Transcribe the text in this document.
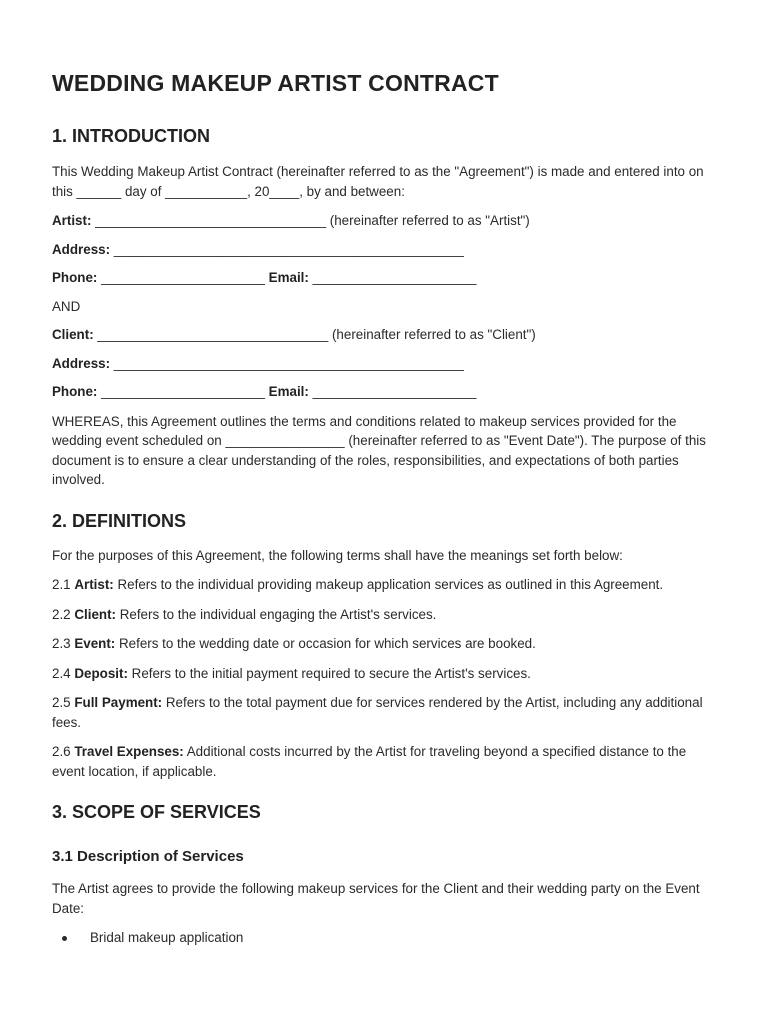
WEDDING MAKEUP ARTIST CONTRACT
1. INTRODUCTION

This Wedding Makeup Artist Contract (hereinafter referred to as the "Agreement") is made and entered into on this ______ day of ___________, 20____, by and between:

Artist: _______________________________ (hereinafter referred to as "Artist")

Address: _______________________________________________

Phone: ______________________ Email: ______________________

AND

Client: _______________________________ (hereinafter referred to as "Client")

Address: _______________________________________________

Phone: ______________________ Email: ______________________

WHEREAS, this Agreement outlines the terms and conditions related to makeup services provided for the wedding event scheduled on ________________ (hereinafter referred to as "Event Date"). The purpose of this document is to ensure a clear understanding of the roles, responsibilities, and expectations of both parties involved.

2. DEFINITIONS

For the purposes of this Agreement, the following terms shall have the meanings set forth below:

2.1 Artist: Refers to the individual providing makeup application services as outlined in this Agreement.

2.2 Client: Refers to the individual engaging the Artist's services.

2.3 Event: Refers to the wedding date or occasion for which services are booked.

2.4 Deposit: Refers to the initial payment required to secure the Artist's services.

2.5 Full Payment: Refers to the total payment due for services rendered by the Artist, including any additional fees.

2.6 Travel Expenses: Additional costs incurred by the Artist for traveling beyond a specified distance to the event location, if applicable.

3. SCOPE OF SERVICES
3.1 Description of Services

The Artist agrees to provide the following makeup services for the Client and their wedding party on the Event Date:

Bridal makeup application
